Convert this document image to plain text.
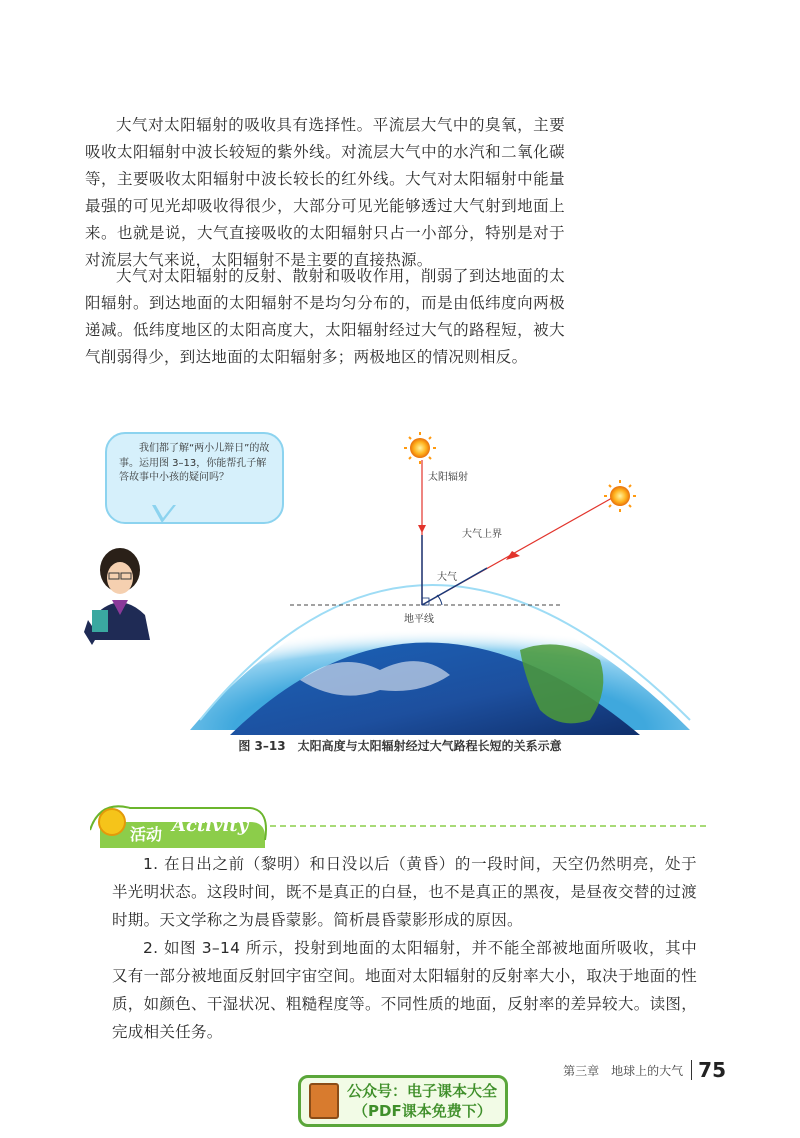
大气对太阳辐射的吸收具有选择性。平流层大气中的臭氧，主要吸收太阳辐射中波长较短的紫外线。对流层大气中的水汽和二氧化碳等，主要吸收太阳辐射中波长较长的红外线。大气对太阳辐射中能量最强的可见光却吸收得很少，大部分可见光能够透过大气射到地面上来。也就是说，大气直接吸收的太阳辐射只占一小部分，特别是对于对流层大气来说，太阳辐射不是主要的直接热源。

大气对太阳辐射的反射、散射和吸收作用，削弱了到达地面的太阳辐射。到达地面的太阳辐射不是均匀分布的，而是由低纬度向两极递减。低纬度地区的太阳高度大，太阳辐射经过大气的路程短，被大气削弱得少，到达地面的太阳辐射多；两极地区的情况则相反。

我们都了解“两小儿辩日”的故事。运用图 3–13，你能帮孔子解答故事中小孩的疑问吗？	太阳辐射
大气上界
大气
地平线
图 3–13　太阳高度与太阳辐射经过大气路程长短的关系示意
活动 Activity

1. 在日出之前（黎明）和日没以后（黄昏）的一段时间，天空仍然明亮，处于半光明状态。这段时间，既不是真正的白昼，也不是真正的黑夜，是昼夜交替的过渡时期。天文学称之为晨昏蒙影。简析晨昏蒙影形成的原因。

2. 如图 3–14 所示，投射到地面的太阳辐射，并不能全部被地面所吸收，其中又有一部分被地面反射回宇宙空间。地面对太阳辐射的反射率大小，取决于地面的性质，如颜色、干湿状况、粗糙程度等。不同性质的地面，反射率的差异较大。读图，完成相关任务。

第三章　地球上的大气 75
公众号：电子课本大全
（PDF课本免费下）
